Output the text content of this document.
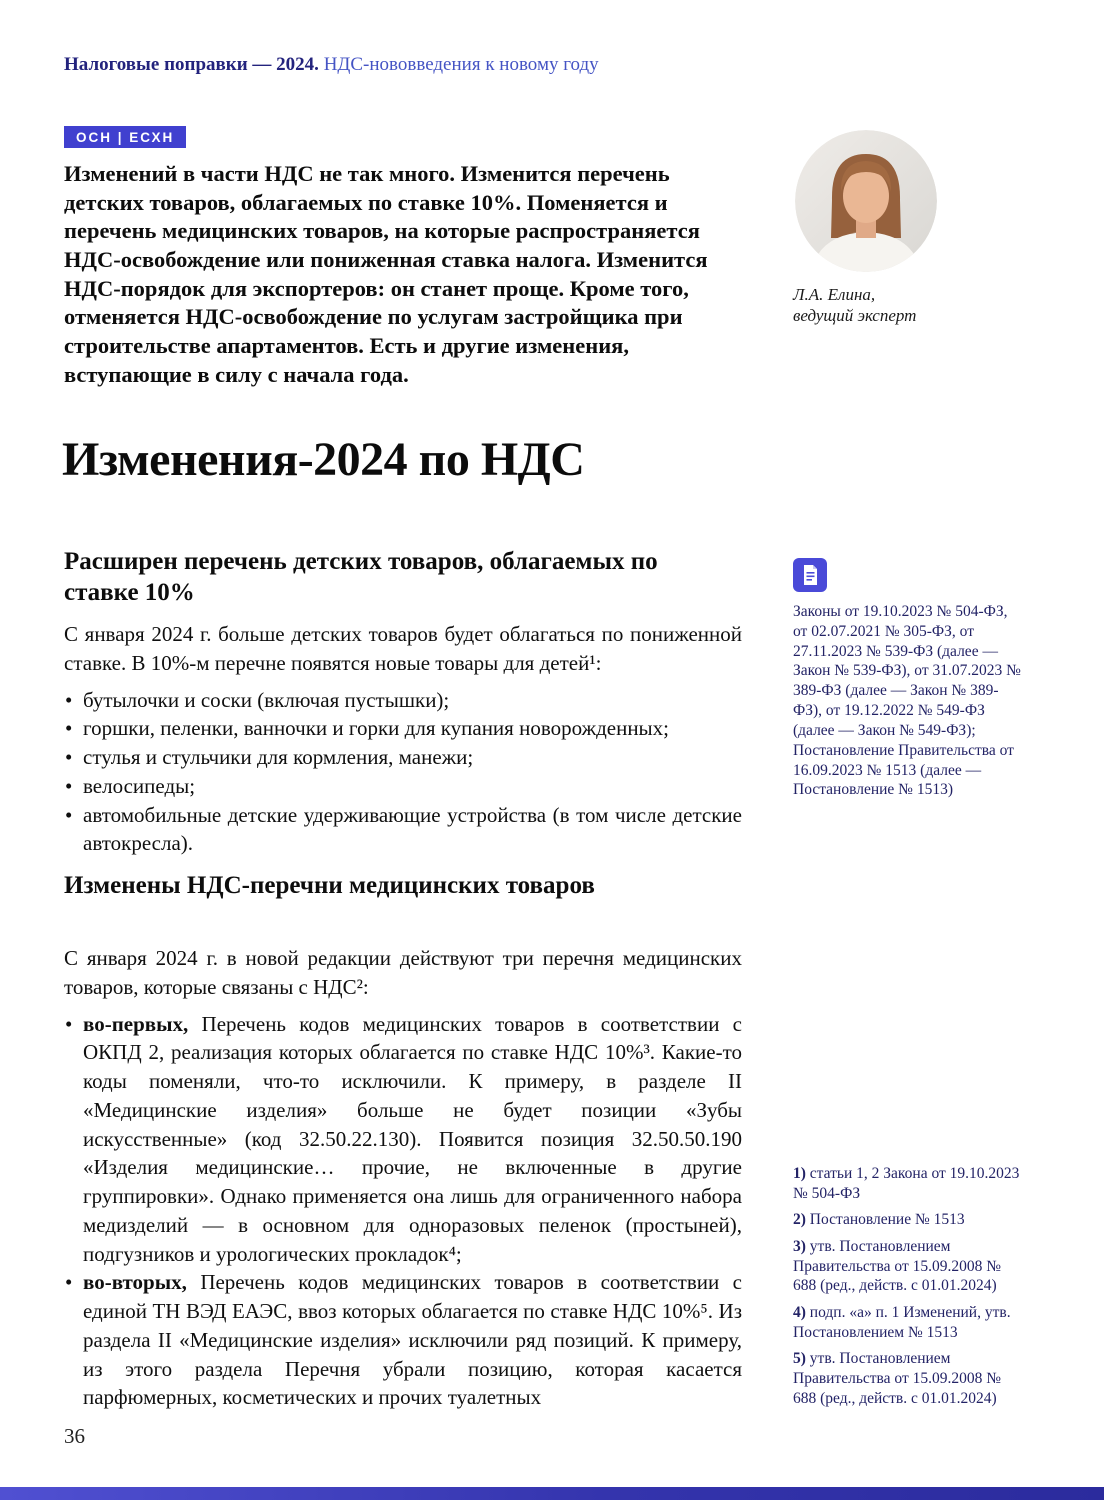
Налоговые поправки — 2024. НДС-нововведения к новому году
ОСН | ЕСХН
Изменений в части НДС не так много. Изменится перечень детских товаров, облагаемых по ставке 10%. Поменяется и перечень медицинских товаров, на которые распространяется НДС-освобождение или пониженная ставка налога. Изменится НДС-порядок для экспортеров: он станет проще. Кроме того, отменяется НДС-освобождение по услугам застройщика при строительстве апартаментов. Есть и другие изменения, вступающие в силу с начала года.
Л.А. Елина,
ведущий эксперт
Изменения-2024 по НДС
Расширен перечень детских товаров, облагаемых по ставке 10%

С января 2024 г. больше детских товаров будет облагаться по пониженной ставке. В 10%-м перечне появятся новые товары для детей¹:

• бутылочки и соски (включая пустышки);
• горшки, пеленки, ванночки и горки для купания новорожденных;
• стулья и стульчики для кормления, манежи;
• велосипеды;
• автомобильные детские удерживающие устройства (в том числе детские автокресла).
Законы от 19.10.2023 № 504-ФЗ, от 02.07.2021 № 305-ФЗ, от 27.11.2023 № 539-ФЗ (далее — Закон № 539-ФЗ), от 31.07.2023 № 389-ФЗ (далее — Закон № 389-ФЗ), от 19.12.2022 № 549-ФЗ (далее — Закон № 549-ФЗ); Постановление Правительства от 16.09.2023 № 1513 (далее — Постановление № 1513)
Изменены НДС-перечни медицинских товаров

С января 2024 г. в новой редакции действуют три перечня медицинских товаров, которые связаны с НДС²:

• во-первых, Перечень кодов медицинских товаров в соответствии с ОКПД 2, реализация которых облагается по ставке НДС 10%³. Какие-то коды поменяли, что-то исключили. К примеру, в разделе II «Медицинские изделия» больше не будет позиции «Зубы искусственные» (код 32.50.22.130). Появится позиция 32.50.50.190 «Изделия медицинские… прочие, не включенные в другие группировки». Однако применяется она лишь для ограниченного набора медизделий — в основном для одноразовых пеленок (простыней), подгузников и урологических прокладок⁴;
• во-вторых, Перечень кодов медицинских товаров в соответствии с единой ТН ВЭД ЕАЭС, ввоз которых облагается по ставке НДС 10%⁵. Из раздела II «Медицинские изделия» исключили ряд позиций. К примеру, из этого раздела Перечня убрали позицию, которая касается парфюмерных, косметических и прочих туалетных
1) статьи 1, 2 Закона от 19.10.2023 № 504-ФЗ
2) Постановление № 1513
3) утв. Постановлением Правительства от 15.09.2008 № 688 (ред., действ. с 01.01.2024)
4) подп. «а» п. 1 Изменений, утв. Постановлением № 1513
5) утв. Постановлением Правительства от 15.09.2008 № 688 (ред., действ. с 01.01.2024)
36
